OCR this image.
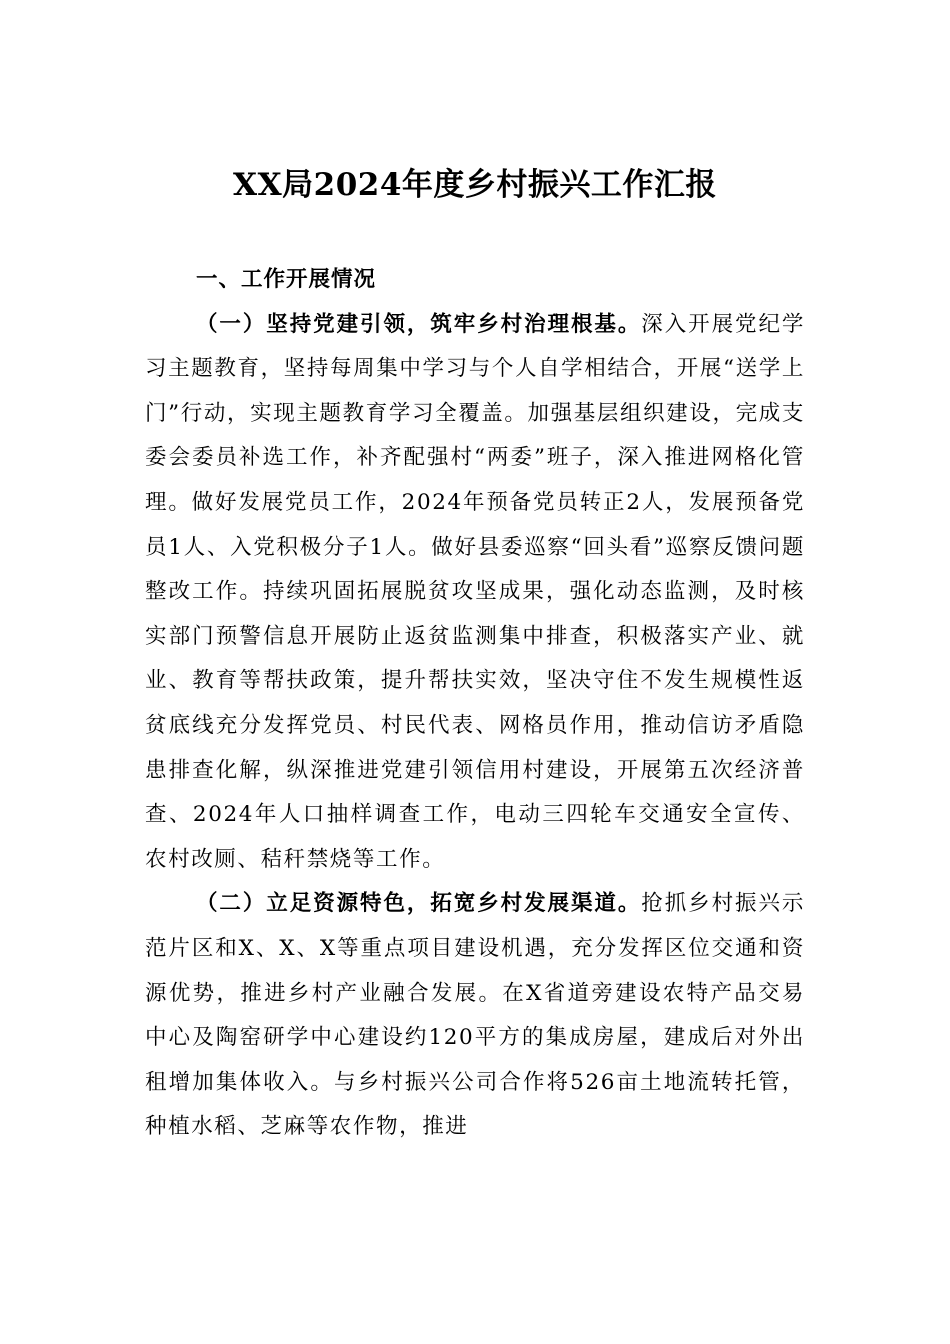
XX局2024年度乡村振兴工作汇报

一、工作开展情况

（一）坚持党建引领，筑牢乡村治理根基。深入开展党纪学习主题教育，坚持每周集中学习与个人自学相结合，开展“送学上门”行动，实现主题教育学习全覆盖。加强基层组织建设，完成支委会委员补选工作，补齐配强村“两委”班子，深入推进网格化管理。做好发展党员工作，2024年预备党员转正2人，发展预备党员1人、入党积极分子1人。做好县委巡察“回头看”巡察反馈问题整改工作。持续巩固拓展脱贫攻坚成果，强化动态监测，及时核实部门预警信息开展防止返贫监测集中排查，积极落实产业、就业、教育等帮扶政策，提升帮扶实效，坚决守住不发生规模性返贫底线充分发挥党员、村民代表、网格员作用，推动信访矛盾隐患排查化解，纵深推进党建引领信用村建设，开展第五次经济普查、2024年人口抽样调查工作，电动三四轮车交通安全宣传、农村改厕、秸秆禁烧等工作。

（二）立足资源特色，拓宽乡村发展渠道。抢抓乡村振兴示范片区和X、X、X等重点项目建设机遇，充分发挥区位交通和资源优势，推进乡村产业融合发展。在X省道旁建设农特产品交易中心及陶窑研学中心建设约120平方的集成房屋，建成后对外出租增加集体收入。与乡村振兴公司合作将526亩土地流转托管，种植水稻、芝麻等农作物，推进
